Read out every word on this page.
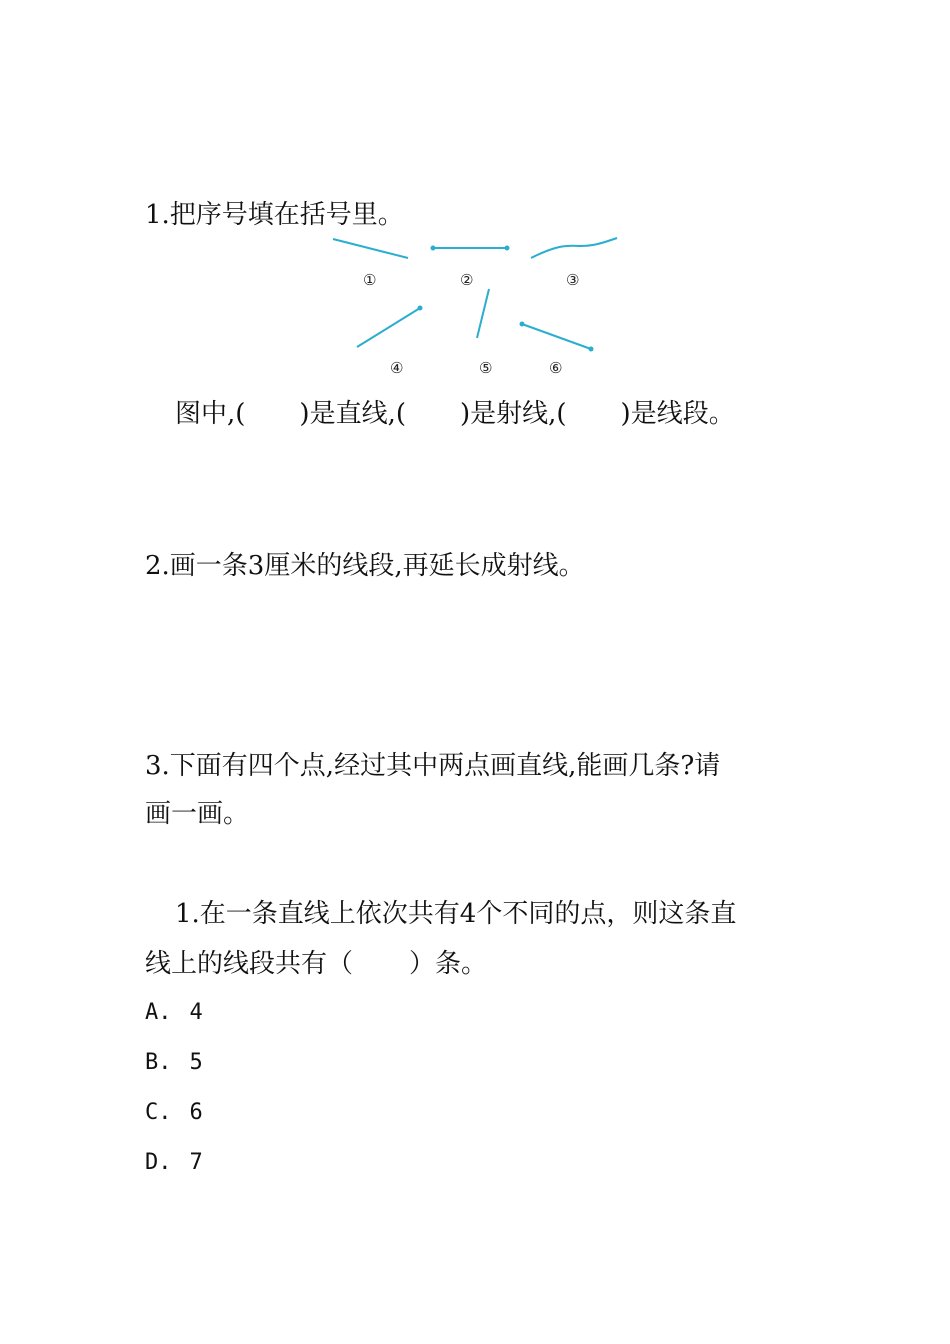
1.把序号填在括号里。
①	②	③
④	⑤	⑥
图中,( )是直线,( )是射线,( )是线段。
2.画一条3厘米的线段,再延长成射线。
3.下面有四个点,经过其中两点画直线,能画几条?请
画一画。
1.在一条直线上依次共有4个不同的点，则这条直
线上的线段共有（ ）条。
A. 4
B. 5
C. 6
D. 7
